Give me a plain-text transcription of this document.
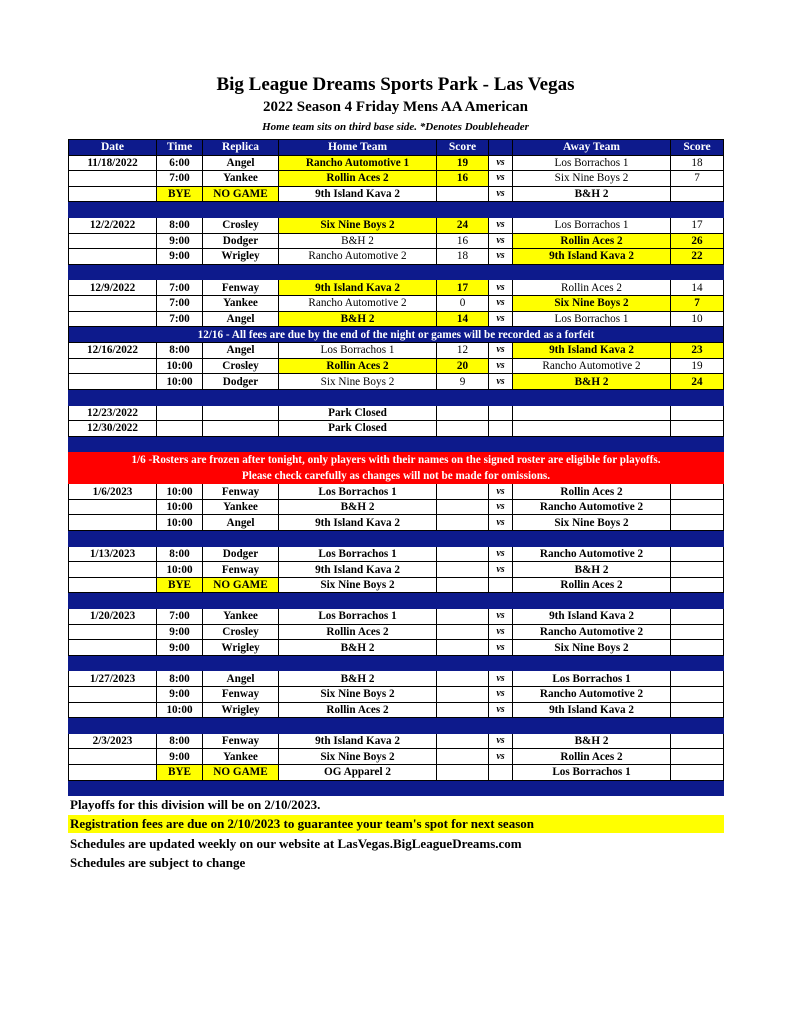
Big League Dreams Sports Park - Las Vegas
2022 Season 4 Friday Mens AA American
Home team sits on third base side. *Denotes Doubleheader
Date	Time	Replica	Home Team	Score		Away Team	Score
11/18/2022	6:00	Angel	Rancho Automotive 1	19	vs	Los Borrachos 1	18
	7:00	Yankee	Rollin Aces 2	16	vs	Six Nine Boys 2	7
	BYE	NO GAME	9th Island Kava 2		vs	B&H 2	

12/2/2022	8:00	Crosley	Six Nine Boys 2	24	vs	Los Borrachos 1	17
	9:00	Dodger	B&H 2	16	vs	Rollin Aces 2	26
	9:00	Wrigley	Rancho Automotive 2	18	vs	9th Island Kava 2	22

12/9/2022	7:00	Fenway	9th Island Kava 2	17	vs	Rollin Aces 2	14
	7:00	Yankee	Rancho Automotive 2	0	vs	Six Nine Boys 2	7
	7:00	Angel	B&H 2	14	vs	Los Borrachos 1	10
12/16 - All fees are due by the end of the night or games will be recorded as a forfeit							
12/16/2022	8:00	Angel	Los Borrachos 1	12	vs	9th Island Kava 2	23
	10:00	Crosley	Rollin Aces 2	20	vs	Rancho Automotive 2	19
	10:00	Dodger	Six Nine Boys 2	9	vs	B&H 2	24

12/23/2022			Park Closed				
12/30/2022			Park Closed				

1/6 -Rosters are frozen after tonight, only players with their names on the signed roster are eligible for playoffs.							
Please check carefully as changes will not be made for omissions.							
1/6/2023	10:00	Fenway	Los Borrachos 1		vs	Rollin Aces 2	
	10:00	Yankee	B&H 2		vs	Rancho Automotive 2	
	10:00	Angel	9th Island Kava 2		vs	Six Nine Boys 2	

1/13/2023	8:00	Dodger	Los Borrachos 1		vs	Rancho Automotive 2	
	10:00	Fenway	9th Island Kava 2		vs	B&H 2	
	BYE	NO GAME	Six Nine Boys 2			Rollin Aces 2	

1/20/2023	7:00	Yankee	Los Borrachos 1		vs	9th Island Kava 2	
	9:00	Crosley	Rollin Aces 2		vs	Rancho Automotive 2	
	9:00	Wrigley	B&H 2		vs	Six Nine Boys 2	

1/27/2023	8:00	Angel	B&H 2		vs	Los Borrachos 1	
	9:00	Fenway	Six Nine Boys 2		vs	Rancho Automotive 2	
	10:00	Wrigley	Rollin Aces 2		vs	9th Island Kava 2	

2/3/2023	8:00	Fenway	9th Island Kava 2		vs	B&H 2	
	9:00	Yankee	Six Nine Boys 2		vs	Rollin Aces 2	
	BYE	NO GAME	OG Apparel 2			Los Borrachos 1	

Playoffs for this division will be on 2/10/2023.
Registration fees are due on 2/10/2023 to guarantee your team's spot for next season
Schedules are updated weekly on our website at LasVegas.BigLeagueDreams.com
Schedules are subject to change
